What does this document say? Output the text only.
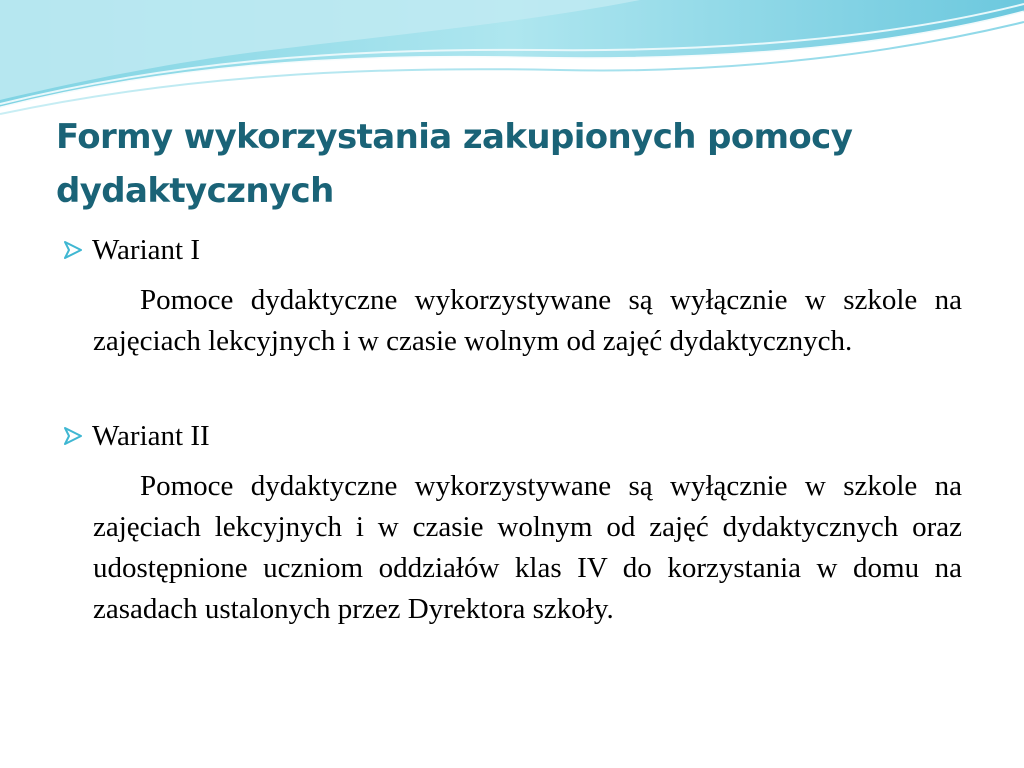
Formy wykorzystania zakupionych pomocy dydaktycznych
Wariant I

Pomoce dydaktyczne wykorzystywane są wyłącznie w szkole na zajęciach lekcyjnych i w czasie wolnym od zajęć dydaktycznych.

Wariant II

Pomoce dydaktyczne wykorzystywane są wyłącznie w szkole na zajęciach lekcyjnych i w czasie wolnym od zajęć dydaktycznych oraz udostępnione uczniom oddziałów klas IV do korzystania w domu na zasadach ustalonych przez Dyrektora szkoły.
